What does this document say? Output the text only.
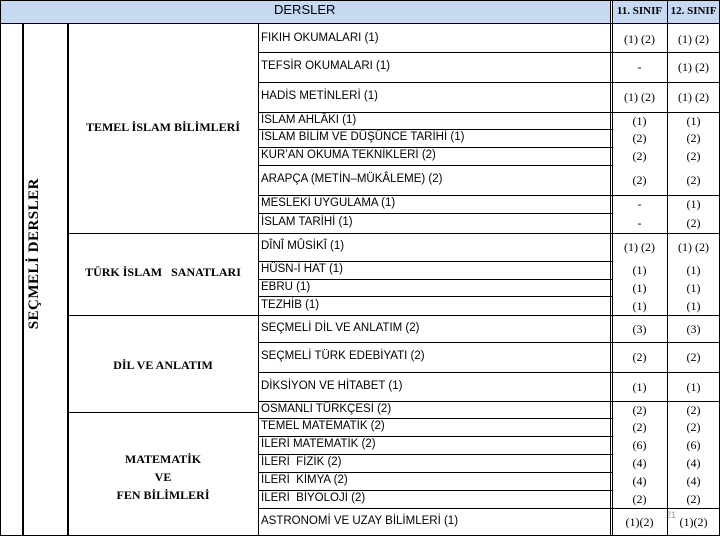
DERSLER	11. SINIF 12. SINIF
SEÇMELİ DERSLER
TEMEL İSLAM BİLİMLERİ
TÜRK İSLAM   SANATLARI
DİL VE ANLATIM
MATEMATİK
VE
FEN BİLİMLERİ
FIKIH OKUMALARI (1)	(1) (2)	(1) (2)
TEFSİR OKUMALARI (1)	-	(1) (2)
HADİS METİNLERİ (1)	(1) (2)	(1) (2)
İSLAM AHLÂKI (1)	(1)	(1)
İSLAM BİLİM VE DÜŞÜNCE TARİHİ (1)	(2)	(2)
KUR’AN OKUMA TEKNİKLERİ (2)	(2)	(2)
ARAPÇA (METİN–MÜKÂLEME) (2)	(2)	(2)
MESLEKİ UYGULAMA (1)	-	(1)
İSLAM TARİHİ (1)	-	(2)
DÎNÎ MÛSİKÎ (1)	(1) (2)	(1) (2)
HÜSN-İ HAT (1)	(1)	(1)
EBRU (1)	(1)	(1)
TEZHİB (1)	(1)	(1)
SEÇMELİ DİL VE ANLATIM (2)	(3)	(3)
SEÇMELİ TÜRK EDEBİYATI (2)	(2)	(2)
DİKSİYON VE HİTABET (1)	(1)	(1)
OSMANLI TÜRKÇESİ (2)	(2)	(2)
TEMEL MATEMATİK (2)	(2)	(2)
İLERİ MATEMATİK (2)	(6)	(6)
İLERİ  FİZİK (2)	(4)	(4)
İLERİ  KİMYA (2)	(4)	(4)
İLERİ  BİYOLOJİ (2)	(2)	(2)
ASTRONOMİ VE UZAY BİLİMLERİ (1)	(1)(2)	(1)(2)
21
